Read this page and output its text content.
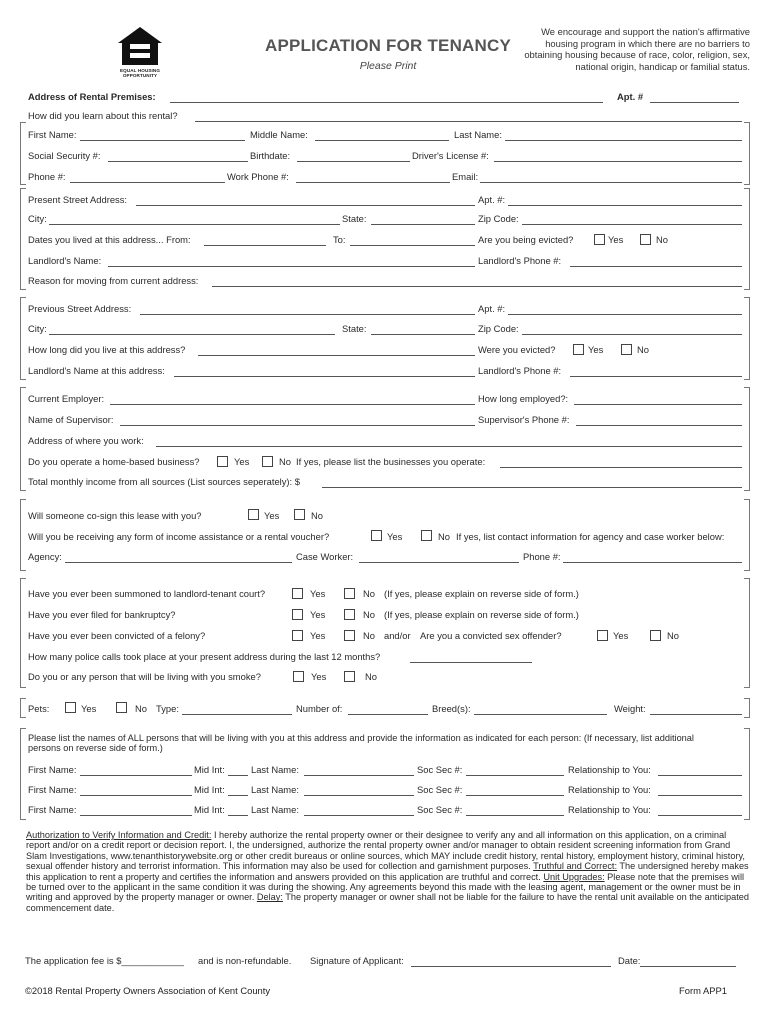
EQUAL HOUSING OPPORTUNITY
APPLICATION FOR TENANCY
Please Print
We encourage and support the nation's affirmative housing program in which there are no barriers to obtaining housing because of race, color, religion, sex, national origin, handicap or familial status.
Address of Rental Premises:	Apt. #
How did you learn about this rental?
First Name:	Middle Name:	Last Name:
Social Security #:	Birthdate:	Driver's License #:
Phone #:	Work Phone #:	Email:
Present Street Address:	Apt. #:
City:	State:	Zip Code:
Dates you lived at this address... From:	To:	Are you being evicted?	Yes	No
Landlord's Name:	Landlord's Phone #:
Reason for moving from current address:
Previous Street Address:	Apt. #:
City:	State:	Zip Code:
How long did you live at this address?	Were you evicted?	Yes	No
Landlord's Name at this address:	Landlord's Phone #:
Current Employer:	How long employed?:
Name of Supervisor:	Supervisor's Phone #:
Address of where you work:
Do you operate a home-based business?	Yes	No If yes, please list the businesses you operate:
Total monthly income from all sources (List sources seperately): $
Will someone co-sign this lease with you?	Yes	No
Will you be receiving any form of income assistance or a rental voucher?	Yes	No If yes, list contact information for agency and case worker below:
Agency:	Case Worker:	Phone #:
Have you ever been summoned to landlord-tenant court?	Yes	No (If yes, please explain on reverse side of form.)
Have you ever filed for bankruptcy?	Yes	No (If yes, please explain on reverse side of form.)
Have you ever been convicted of a felony?	Yes	No and/or Are you a convicted sex offender?	Yes	No
How many police calls took place at your present address during the last 12 months?
Do you or any person that will be living with you smoke?	Yes	No
Pets:	Yes	No Type:	Number of:	Breed(s):	Weight:
Please list the names of ALL persons that will be living with you at this address and provide the information as indicated for each person: (If necessary, list additional persons on reverse side of form.)
First Name:	Mid Int:	Last Name:	Soc Sec #:	Relationship to You:
First Name:	Mid Int:	Last Name:	Soc Sec #:	Relationship to You:
First Name:	Mid Int:	Last Name:	Soc Sec #:	Relationship to You:
Authorization to Verify Information and Credit: I hereby authorize the rental property owner or their designee to verify any and all information on this application, on a criminal report and/or on a credit report or decision report. I, the undersigned, authorize the rental property owner and/or manager to obtain resident screening information from Grand Slam Investigations, www.tenanthistorywebsite.org or other credit bureaus or online sources, which MAY include credit history, rental history, employment history, criminal history, sexual offender history and terrorist information. This information may also be used for collection and garnishment purposes. Truthful and Correct: The undersigned hereby makes this application to rent a property and certifies the information and answers provided on this application are truthful and correct. Unit Upgrades: Please note that the premises will be turned over to the applicant in the same condition it was during the showing. Any agreements beyond this made with the leasing agent, management or the owner must be in writing and approved by the property manager or owner. Delay: The property manager or owner shall not be liable for the failure to have the rental unit available on the anticipated commencement date.
The application fee is $____________ and is non-refundable. Signature of Applicant:	Date:
©2018 Rental Property Owners Association of Kent County	Form APP1
